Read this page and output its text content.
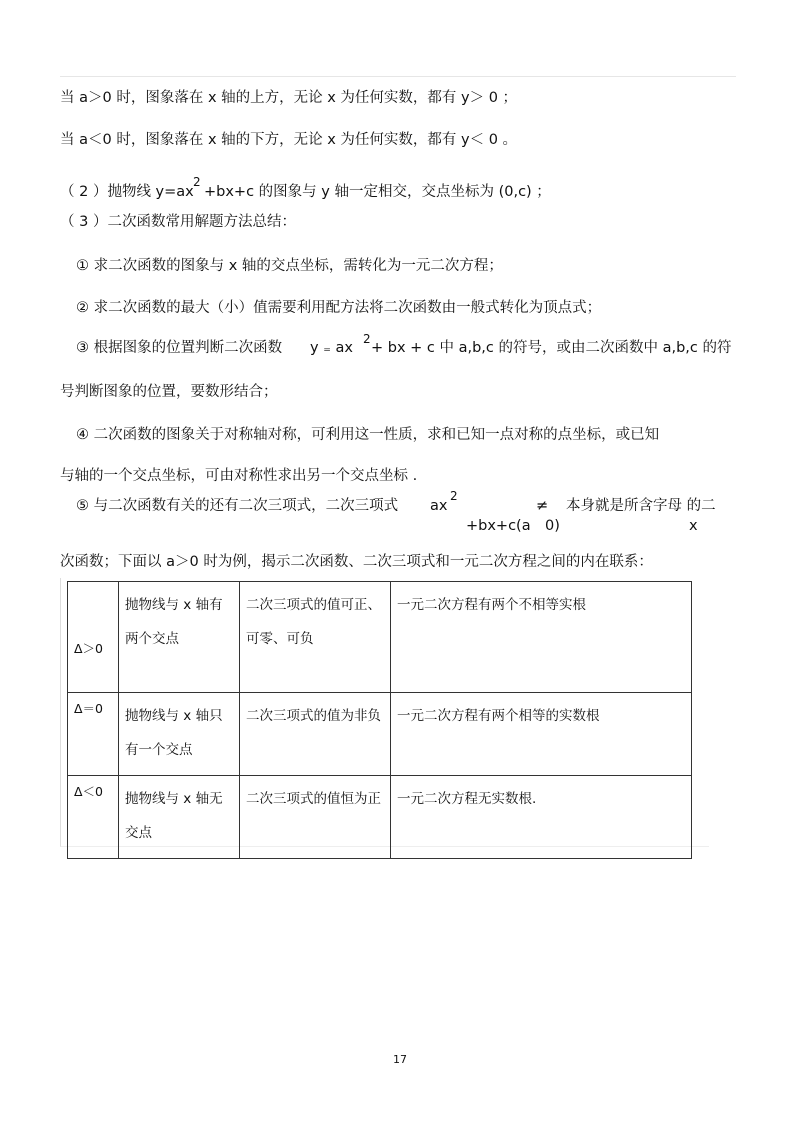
当 a＞0 时，图象落在 x 轴的上方，无论 x 为任何实数，都有 y＞ 0 ；
当 a＜0 时，图象落在 x 轴的下方，无论 x 为任何实数，都有 y＜ 0 。
（ 2 ）抛物线 y=ax
2
+bx+c 的图象与 y 轴一定相交，交点坐标为 (0,c) ；
（ 3 ）二次函数常用解题方法总结：
① 求二次函数的图象与 x 轴的交点坐标，需转化为一元二次方程；
② 求二次函数的最大（小）值需要利用配方法将二次函数由一般式转化为顶点式；
③ 根据图象的位置判断二次函数 y ₌ ax
2
+ bx + c 中 a,b,c 的符号，或由二次函数中 a,b,c 的符
号判断图象的位置，要数形结合；
④ 二次函数的图象关于对称轴对称，可利用这一性质，求和已知一点对称的点坐标，或已知
与轴的一个交点坐标，可由对称性求出另一个交点坐标 .
⑤ 与二次函数有关的还有二次三项式，二次三项式 ax
2
≠ 本身就是所含字母 的二
+bx+c(a 0)	x
次函数；下面以 a＞0 时为例，揭示二次函数、二次三项式和一元二次方程之间的内在联系：
Δ＞0	抛物线与 x 轴有两个交点	二次三项式的值可正、可零、可负	一元二次方程有两个不相等实根
Δ＝0	抛物线与 x 轴只有一个交点	二次三项式的值为非负	一元二次方程有两个相等的实数根
Δ＜0	抛物线与 x 轴无交点	二次三项式的值恒为正	一元二次方程无实数根.
17
